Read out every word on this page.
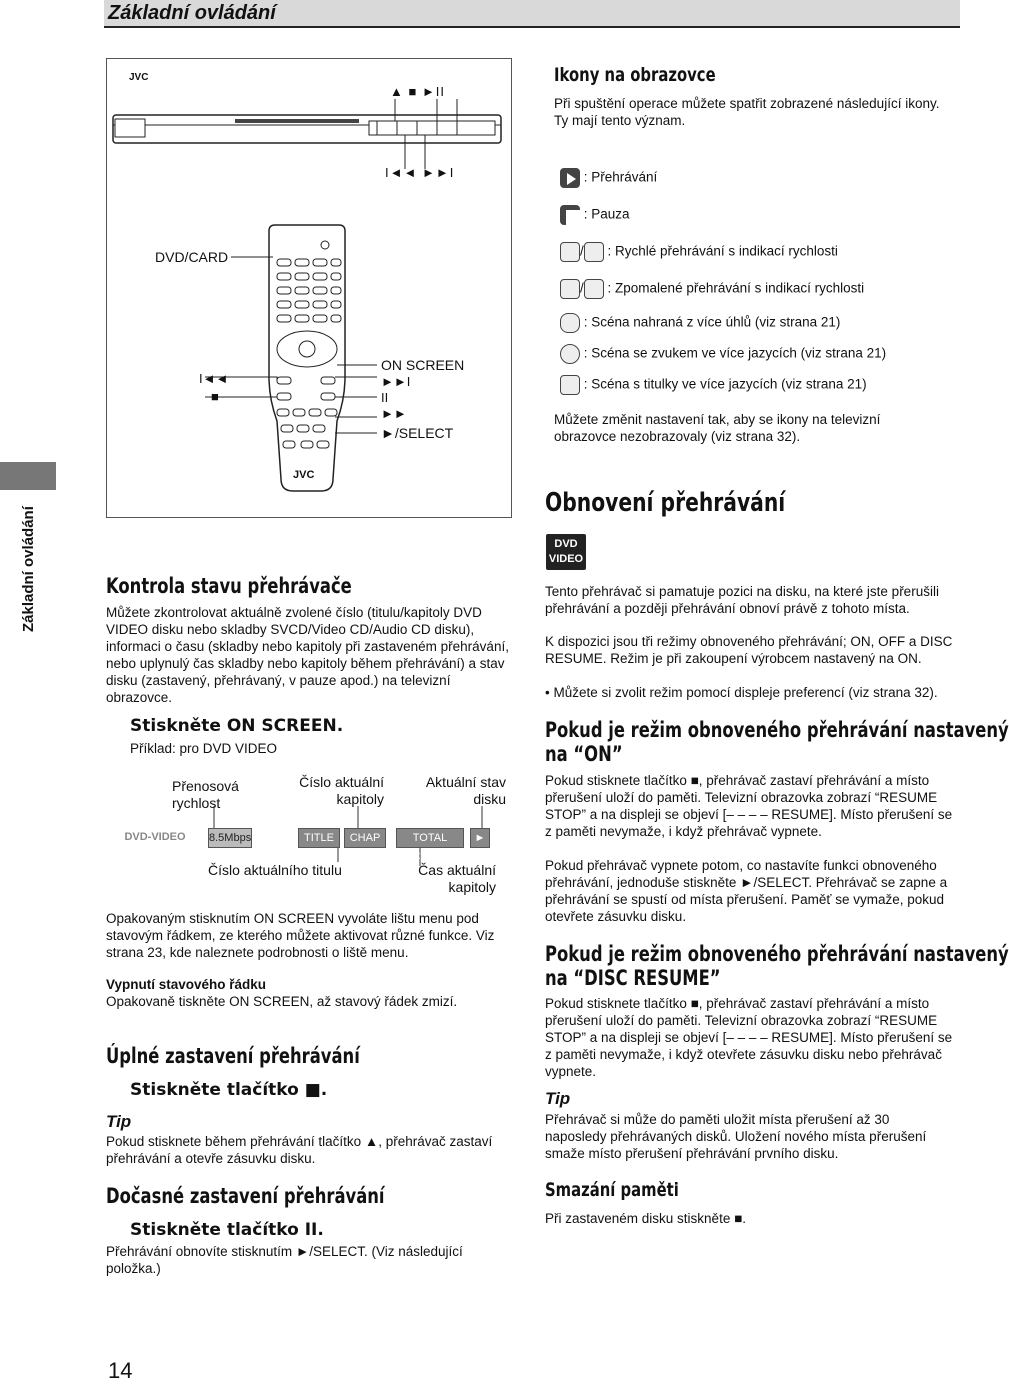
Základní ovládání
Základní ovládání
JVC
▲ ■ ►II
I◄◄ ►►I
DVD/CARD
ON SCREEN
►/SELECT
I◄◄
■
►►I
II
►►
JVC
Ikony na obrazovce
Při spuštění operace můžete spatřit zobrazené následující ikony.
Ty mají tento význam.
: Přehrávání
: Pauza
/ : Rychlé přehrávání s indikací rychlosti
/ : Zpomalené přehrávání s indikací rychlosti
: Scéna nahraná z více úhlů (viz strana 21)
: Scéna se zvukem ve více jazycích (viz strana 21)
: Scéna s titulky ve více jazycích (viz strana 21)
Můžete změnit nastavení tak, aby se ikony na televizní obrazovce nezobrazovaly (viz strana 32).
Kontrola stavu přehrávače
Můžete zkontrolovat aktuálně zvolené číslo (titulu/kapitoly DVD VIDEO disku nebo skladby SVCD/Video CD/Audio CD disku), informaci o času (skladby nebo kapitoly při zastaveném přehrávání, nebo uplynulý čas skladby nebo kapitoly během přehrávání) a stav disku (zastavený, přehrávaný, v pauze apod.) na televizní obrazovce.
Stiskněte ON SCREEN.
Příklad: pro DVD VIDEO
Přenosová rychlost
Číslo aktuální kapitoly
Aktuální stav disku
DVD-VIDEO	8.5Mbps	TITLE 33
CHAP 33
TOTAL 1:25:58
►
Číslo aktuálního titulu	Čas aktuální kapitoly
Opakovaným stisknutím ON SCREEN vyvoláte lištu menu pod stavovým řádkem, ze kterého můžete aktivovat různé funkce. Viz strana 23, kde naleznete podrobnosti o liště menu.
Vypnutí stavového řádku
Opakovaně tiskněte ON SCREEN, až stavový řádek zmizí.
Úplné zastavení přehrávání
Stiskněte tlačítko ■.
Tip
Pokud stisknete během přehrávání tlačítko ▲, přehrávač zastaví přehrávání a otevře zásuvku disku.
Dočasné zastavení přehrávání
Stiskněte tlačítko II.
Přehrávání obnovíte stisknutím ►/SELECT. (Viz následující položka.)
Obnovení přehrávání
DVD
VIDEO
Tento přehrávač si pamatuje pozici na disku, na které jste přerušili přehrávání a později přehrávání obnoví právě z tohoto místa.
K dispozici jsou tři režimy obnoveného přehrávání; ON, OFF a DISC RESUME. Režim je při zakoupení výrobcem nastavený na ON.
• Můžete si zvolit režim pomocí displeje preferencí (viz strana 32).
Pokud je režim obnoveného přehrávání nastavený
na “ON”
Pokud stisknete tlačítko ■, přehrávač zastaví přehrávání a místo přerušení uloží do paměti. Televizní obrazovka zobrazí “RESUME STOP” a na displeji se objeví [– – – – RESUME]. Místo přerušení se z paměti nevymaže, i když přehrávač vypnete.
Pokud přehrávač vypnete potom, co nastavíte funkci obnoveného přehrávání, jednoduše stiskněte ►/SELECT. Přehrávač se zapne a přehrávání se spustí od místa přerušení. Paměť se vymaže, pokud otevřete zásuvku disku.
Pokud je režim obnoveného přehrávání nastavený
na “DISC RESUME”
Pokud stisknete tlačítko ■, přehrávač zastaví přehrávání a místo přerušení uloží do paměti. Televizní obrazovka zobrazí “RESUME STOP” a na displeji se objeví [– – – – RESUME]. Místo přerušení se z paměti nevymaže, i když otevřete zásuvku disku nebo přehrávač vypnete.
Tip
Přehrávač si může do paměti uložit místa přerušení až 30 naposledy přehrávaných disků. Uložení nového místa přerušení smaže místo přerušení přehrávání prvního disku.
Smazání paměti
Při zastaveném disku stiskněte ■.
14
